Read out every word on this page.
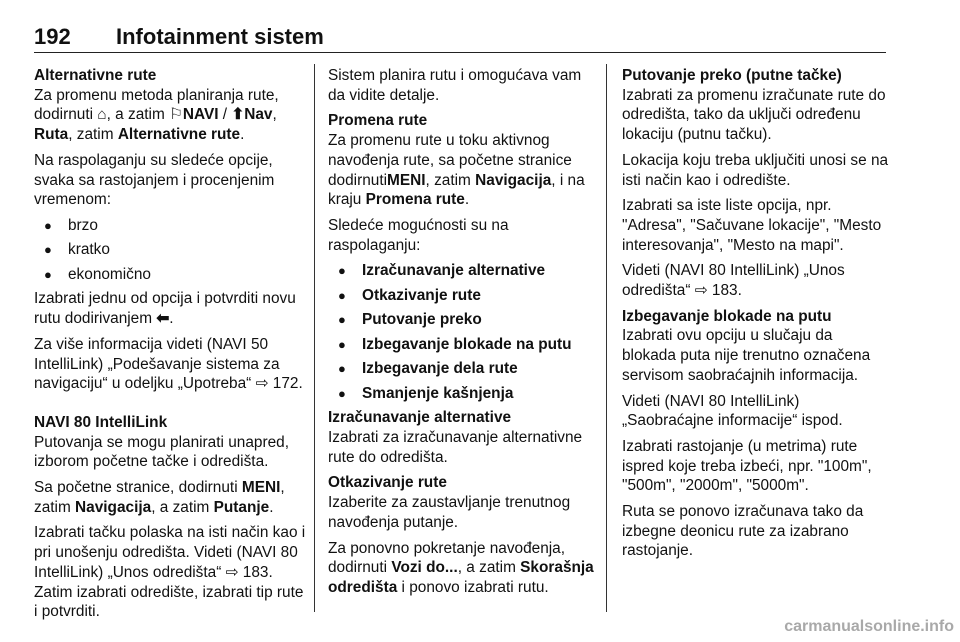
192 Infotainment sistem

Alternativne rute

Za promenu metoda planiranja rute, dodirnuti ⌂, a zatim ⚐NAVI / ⬆Nav, Ruta, zatim Alternativne rute.

Na raspolaganju su sledeće opcije, svaka sa rastojanjem i procenjenim vremenom:

● brzo
● kratko
● ekonomično

Izabrati jednu od opcija i potvrditi novu rutu dodirivanjem ⬅.

Za više informacija videti (NAVI 50 IntelliLink) „Podešavanje sistema za navigaciju“ u odeljku „Upotreba“ ⇨ 172.

NAVI 80 IntelliLink

Putovanja se mogu planirati unapred, izborom početne tačke i odredišta.

Sa početne stranice, dodirnuti MENI, zatim Navigacija, a zatim Putanje.

Izabrati tačku polaska na isti način kao i pri unošenju odredišta. Videti (NAVI 80 IntelliLink) „Unos odredišta“ ⇨ 183. Zatim izabrati odredište, izabrati tip rute i potvrditi.

Sistem planira rutu i omogućava vam da vidite detalje.

Promena rute

Za promenu rute u toku aktivnog navođenja rute, sa početne stranice dodirnutiMENI, zatim Navigacija, i na kraju Promena rute.

Sledeće mogućnosti su na raspolaganju:

● Izračunavanje alternative
● Otkazivanje rute
● Putovanje preko
● Izbegavanje blokade na putu
● Izbegavanje dela rute
● Smanjenje kašnjenja

Izračunavanje alternative

Izabrati za izračunavanje alternativne rute do odredišta.

Otkazivanje rute

Izaberite za zaustavljanje trenutnog navođenja putanje.

Za ponovno pokretanje navođenja, dodirnuti Vozi do..., a zatim Skorašnja odredišta i ponovo izabrati rutu.

Putovanje preko (putne tačke)

Izabrati za promenu izračunate rute do odredišta, tako da uključi određenu lokaciju (putnu tačku).

Lokacija koju treba uključiti unosi se na isti način kao i odredište.

Izabrati sa iste liste opcija, npr. "Adresa", "Sačuvane lokacije", "Mesto interesovanja", "Mesto na mapi".

Videti (NAVI 80 IntelliLink) „Unos odredišta“ ⇨ 183.

Izbegavanje blokade na putu

Izabrati ovu opciju u slučaju da blokada puta nije trenutno označena servisom saobraćajnih informacija.

Videti (NAVI 80 IntelliLink) „Saobraćajne informacije“ ispod.

Izabrati rastojanje (u metrima) rute ispred koje treba izbeći, npr. "100m", "500m", "2000m", "5000m".

Ruta se ponovo izračunava tako da izbegne deonicu rute za izabrano rastojanje.

carmanualsonline.info
